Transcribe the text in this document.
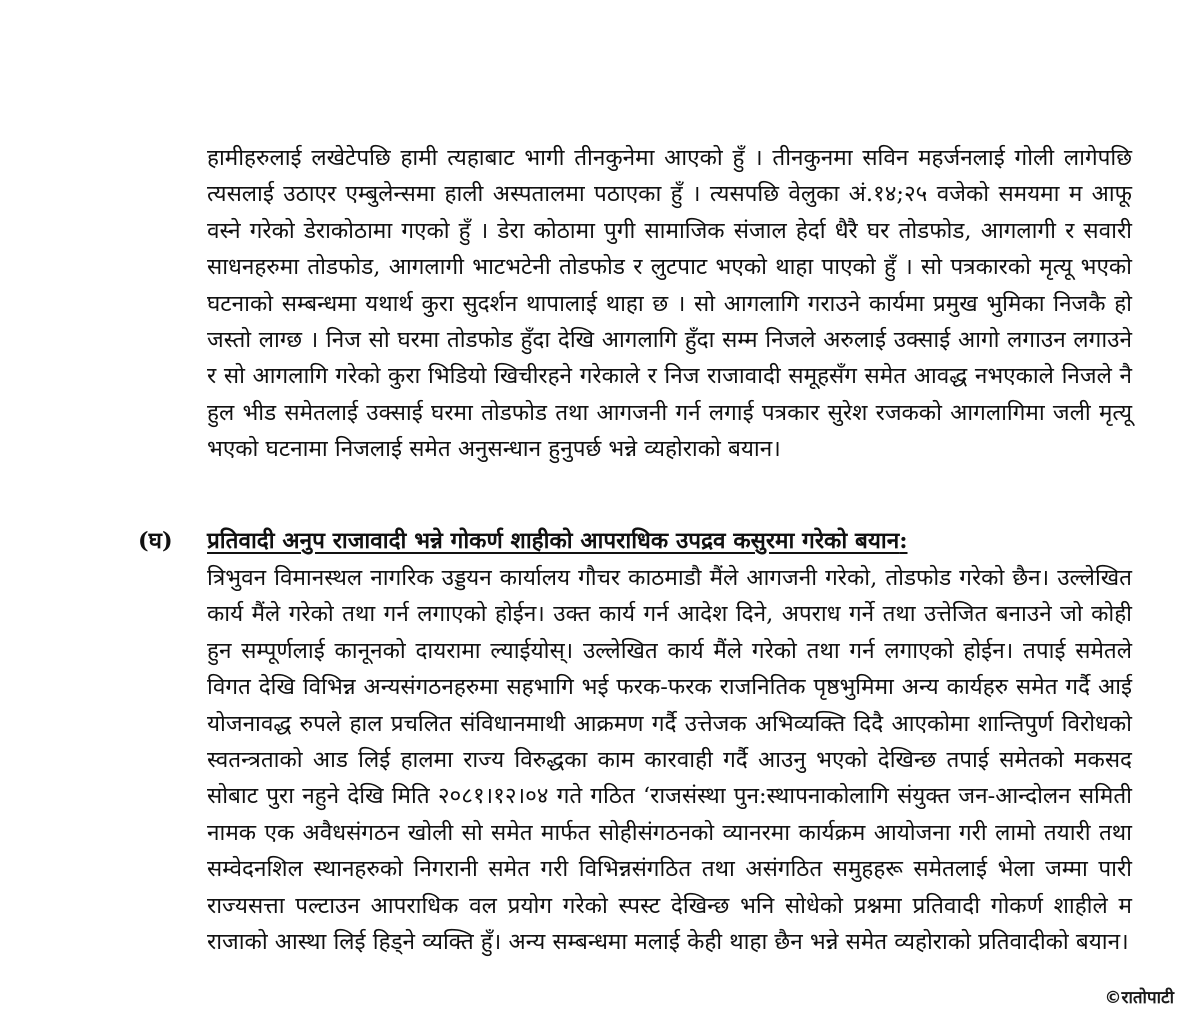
हामीहरुलाई लखेटेपछि हामी त्यहाबाट भागी तीनकुनेमा आएको हुँ । तीनकुनमा सविन महर्जनलाई गोली लागेपछि त्यसलाई उठाएर एम्बुलेन्समा हाली अस्पतालमा पठाएका हुँ । त्यसपछि वेलुका अं.१४;२५ वजेको समयमा म आफू वस्ने गरेको डेराकोठामा गएको हुँ । डेरा कोठामा पुगी सामाजिक संजाल हेर्दा धैरै घर तोडफोड, आगलागी र सवारी साधनहरुमा तोडफोड, आगलागी भाटभटेनी तोडफोड र लुटपाट भएको थाहा पाएको हुँ । सो पत्रकारको मृत्यू भएको घटनाको सम्बन्धमा यथार्थ कुरा सुदर्शन थापालाई थाहा छ । सो आगलागि गराउने कार्यमा प्रमुख भुमिका निजकै हो जस्तो लाग्छ । निज सो घरमा तोडफोड हुँदा देखि आगलागि हुँदा सम्म निजले अरुलाई उक्साई आगो लगाउन लगाउने र सो आगलागि गरेको कुरा भिडियो खिचीरहने गरेकाले र निज राजावादी समूहसँग समेत आवद्ध नभएकाले निजले नै हुल भीड समेतलाई उक्साई घरमा तोडफोड तथा आगजनी गर्न लगाई पत्रकार सुरेश रजकको आगलागिमा जली मृत्यू भएको घटनामा निजलाई समेत अनुसन्धान हुनुपर्छ भन्ने व्यहोराको बयान।

(घ) प्रतिवादी अनुप राजावादी भन्ने गोकर्ण शाहीको आपराधिक उपद्रव कसुरमा गरेको बयान:

त्रिभुवन विमानस्थल नागरिक उड्डयन कार्यालय गौचर काठमाडौ मैंले आगजनी गरेको, तोडफोड गरेको छैन। उल्लेखित कार्य मैंले गरेको तथा गर्न लगाएको होईन। उक्त कार्य गर्न आदेश दिने, अपराध गर्ने तथा उत्तेजित बनाउने जो कोही हुन सम्पूर्णलाई कानूनको दायरामा ल्याईयोस्। उल्लेखित कार्य मैंले गरेको तथा गर्न लगाएको होईन। तपाई समेतले विगत देखि विभिन्न अन्यसंगठनहरुमा सहभागि भई फरक-फरक राजनितिक पृष्ठभुमिमा अन्य कार्यहरु समेत गर्दै आई योजनावद्ध रुपले हाल प्रचलित संविधानमाथी आक्रमण गर्दै उत्तेजक अभिव्यक्ति दिदै आएकोमा शान्तिपुर्ण विरोधको स्वतन्त्रताको आड लिई हालमा राज्य विरुद्धका काम कारवाही गर्दै आउनु भएको देखिन्छ तपाई समेतको मकसद सोबाट पुरा नहुने देखि मिति २०८१।१२।०४ गते गठित ‘राजसंस्था पुन:स्थापनाकोलागि संयुक्त जन-आन्दोलन समिती नामक एक अवैधसंगठन खोली सो समेत मार्फत सोहीसंगठनको व्यानरमा कार्यक्रम आयोजना गरी लामो तयारी तथा सम्वेदनशिल स्थानहरुको निगरानी समेत गरी विभिन्नसंगठित तथा असंगठित समुहहरू समेतलाई भेला जम्मा पारी राज्यसत्ता पल्टाउन आपराधिक वल प्रयोग गरेको स्पस्ट देखिन्छ भनि सोधेको प्रश्नमा प्रतिवादी गोकर्ण शाहीले म राजाको आस्था लिई हिड्ने व्यक्ति हुँ। अन्य सम्बन्धमा मलाई केही थाहा छैन भन्ने समेत व्यहोराको प्रतिवादीको बयान।

©रातोपाटी
